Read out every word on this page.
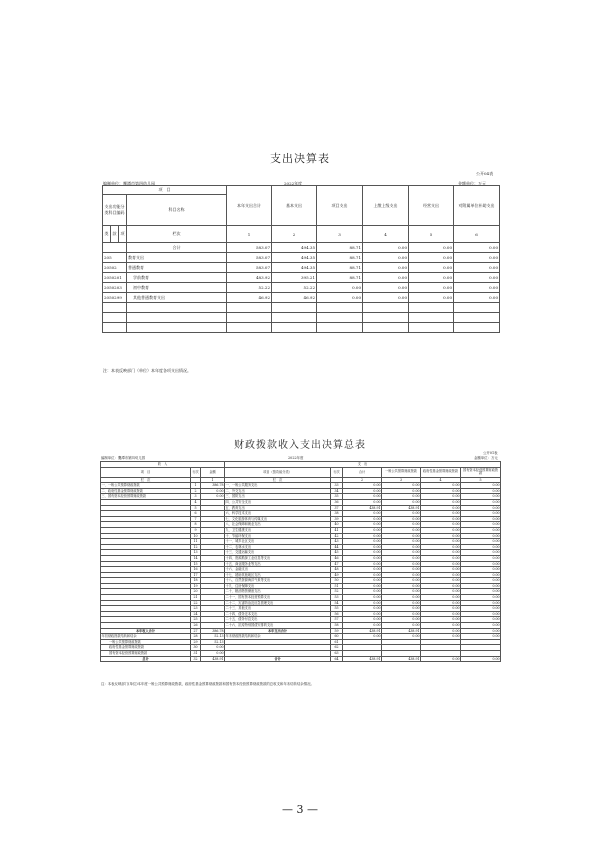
支出决算表
公开04表
编制单位：鹰潭市第四幼儿园	2022年度	金额单位：万元
项　目				本年支出合计	基本支出	项目支出	上缴上级支出	经营支出	对附属单位补助支出
支出功能分类科目编码			科目名称						
类	款	项							
			栏次	1	2	3	4	5	6
			合计	583.07	494.35	88.71	0.00	0.00	0.00
205			教育支出	583.07	494.35	88.71	0.00	0.00	0.00
20502			普通教育	583.07	494.35	88.71	0.00	0.00	0.00
2050201			学前教育	483.92	395.21	88.71	0.00	0.00	0.00
2050203			初中教育	52.22	52.22	0.00	0.00	0.00	0.00
2050299			其他普通教育支出	46.92	46.92	0.00	0.00	0.00	0.00

注：本表反映部门（单位）本年度各项支出情况。
财政拨款收入支出决算总表
公开01表
编制单位：鹰潭市第四幼儿园	2022年度	金额单位：万元
收　入			支　出					
项　目	行次	金额	项目（按功能分类）	行次	合计	一般公共预算财政拨款	政府性基金预算财政拨款	国有资本经营预算财政拨款
栏　次		1	栏　次		2	3	4	5
一、一般公共预算财政拨款	1	386.78	一、一般公共服务支出	33	0.00	0.00	0.00	0.00
二、政府性基金预算财政拨款	2	0.00	二、外交支出	34	0.00	0.00	0.00	0.00
三、国有资本经营预算财政拨款	3	0.00	三、国防支出	35	0.00	0.00	0.00	0.00
	4		四、公共安全支出	36	0.00	0.00	0.00	0.00
	5		五、教育支出	37	438.91	438.91	0.00	0.00
	6		六、科学技术支出	38	0.00	0.00	0.00	0.00
	7		七、文化旅游体育与传媒支出	39	0.00	0.00	0.00	0.00
	8		八、社会保障和就业支出	40	0.00	0.00	0.00	0.00
	9		九、卫生健康支出	41	0.00	0.00	0.00	0.00
	10		十、节能环保支出	42	0.00	0.00	0.00	0.00
	11		十一、城乡社区支出	43	0.00	0.00	0.00	0.00
	12		十二、农林水支出	44	0.00	0.00	0.00	0.00
	13		十三、交通运输支出	45	0.00	0.00	0.00	0.00
	14		十四、资源勘探工业信息等支出	46	0.00	0.00	0.00	0.00
	15		十五、商业服务业等支出	47	0.00	0.00	0.00	0.00
	16		十六、金融支出	48	0.00	0.00	0.00	0.00
	17		十七、援助其他地区支出	49	0.00	0.00	0.00	0.00
	18		十八、自然资源海洋气象等支出	50	0.00	0.00	0.00	0.00
	19		十九、住房保障支出	51	0.00	0.00	0.00	0.00
	20		二十、粮油物资储备支出	52	0.00	0.00	0.00	0.00
	21		二十一、国有资本经营预算支出	53	0.00	0.00	0.00	0.00
	22		二十二、灾害防治及应急管理支出	54	0.00	0.00	0.00	0.00
	23		二十三、其他支出	55	0.00	0.00	0.00	0.00
	24		二十四、债务还本支出	56	0.00	0.00	0.00	0.00
	25		二十五、债务付息支出	57	0.00	0.00	0.00	0.00
	26		二十六、抗疫特别国债安排的支出	58	0.00	0.00	0.00	0.00
本年收入合计	27	386.78	本年支出合计	59	438.91	438.91	0.00	0.00
年初财政拨款结转和结余	28	52.13	年末财政拨款结转和结余	60	0.00	0.00	0.00	0.00
一般公共预算财政拨款	29	52.13		61				
政府性基金预算财政拨款	30	0.00		62				
国有资本经营预算财政拨款	31	0.00		63				
总计	32	438.91	合计	64	438.91	438.91	0.00	0.00
注：本表反映部门(单位)本年度一般公共预算财政拨款、政府性基金预算财政拨款和国有资本经营预算财政拨款的总收支和年末结转结余情况。
— 3 —
